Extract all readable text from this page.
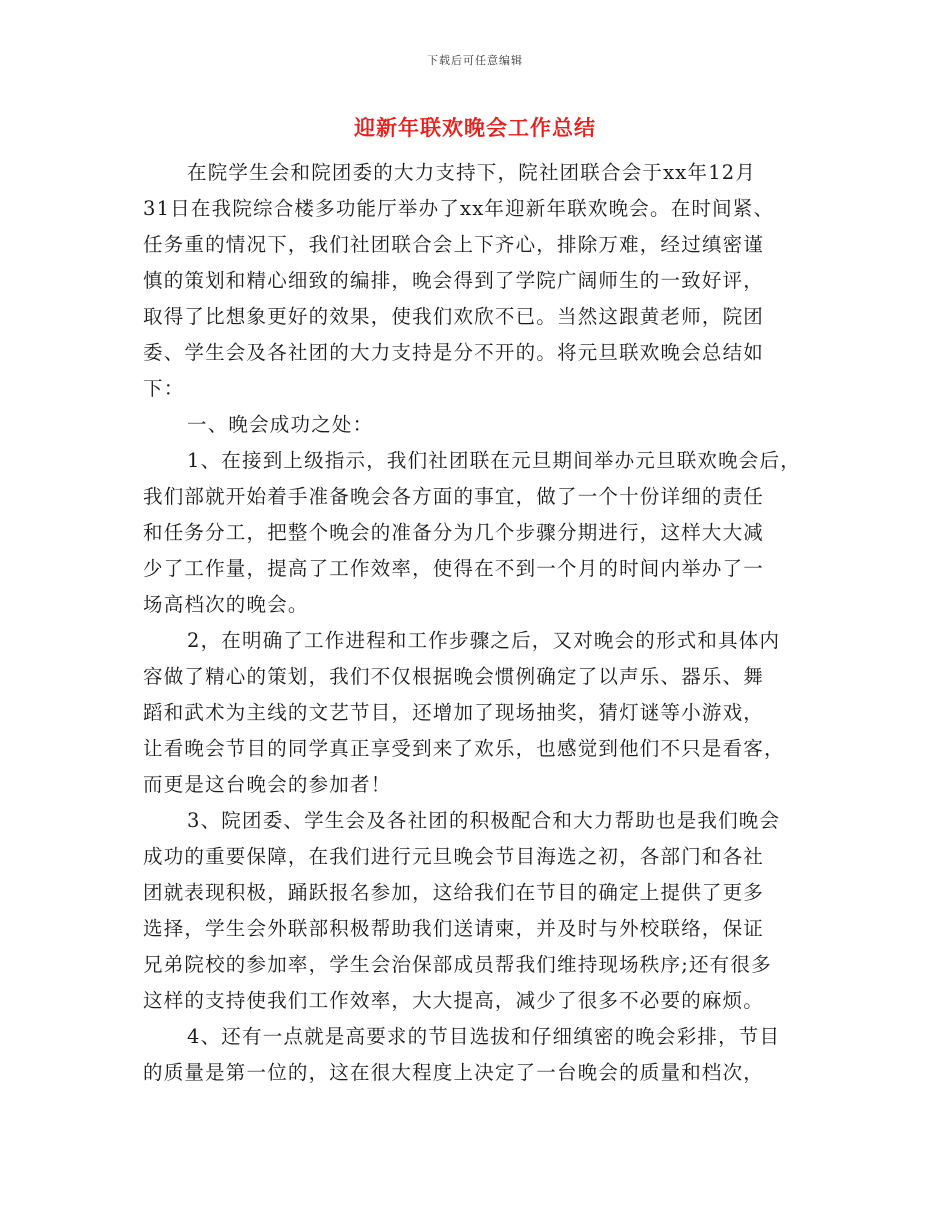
下载后可任意编辑
迎新年联欢晚会工作总结
在院学生会和院团委的大力支持下，院社团联合会于xx年12月
31日在我院综合楼多功能厅举办了xx年迎新年联欢晚会。在时间紧、
任务重的情况下，我们社团联合会上下齐心，排除万难，经过缜密谨
慎的策划和精心细致的编排，晚会得到了学院广阔师生的一致好评，
取得了比想象更好的效果，使我们欢欣不已。当然这跟黄老师，院团
委、学生会及各社团的大力支持是分不开的。将元旦联欢晚会总结如
下：
一、晚会成功之处：
1、在接到上级指示，我们社团联在元旦期间举办元旦联欢晚会后，
我们部就开始着手准备晚会各方面的事宜，做了一个十份详细的责任
和任务分工，把整个晚会的准备分为几个步骤分期进行，这样大大减
少了工作量，提高了工作效率，使得在不到一个月的时间内举办了一
场高档次的晚会。
2，在明确了工作进程和工作步骤之后，又对晚会的形式和具体内
容做了精心的策划，我们不仅根据晚会惯例确定了以声乐、器乐、舞
蹈和武术为主线的文艺节目，还增加了现场抽奖，猜灯谜等小游戏，
让看晚会节目的同学真正享受到来了欢乐，也感觉到他们不只是看客，
而更是这台晚会的参加者！
3、院团委、学生会及各社团的积极配合和大力帮助也是我们晚会
成功的重要保障，在我们进行元旦晚会节目海选之初，各部门和各社
团就表现积极，踊跃报名参加，这给我们在节目的确定上提供了更多
选择，学生会外联部积极帮助我们送请柬，并及时与外校联络，保证
兄弟院校的参加率，学生会治保部成员帮我们维持现场秩序;还有很多
这样的支持使我们工作效率，大大提高，减少了很多不必要的麻烦。
4、还有一点就是高要求的节目选拔和仔细缜密的晚会彩排，节目
的质量是第一位的，这在很大程度上决定了一台晚会的质量和档次，
